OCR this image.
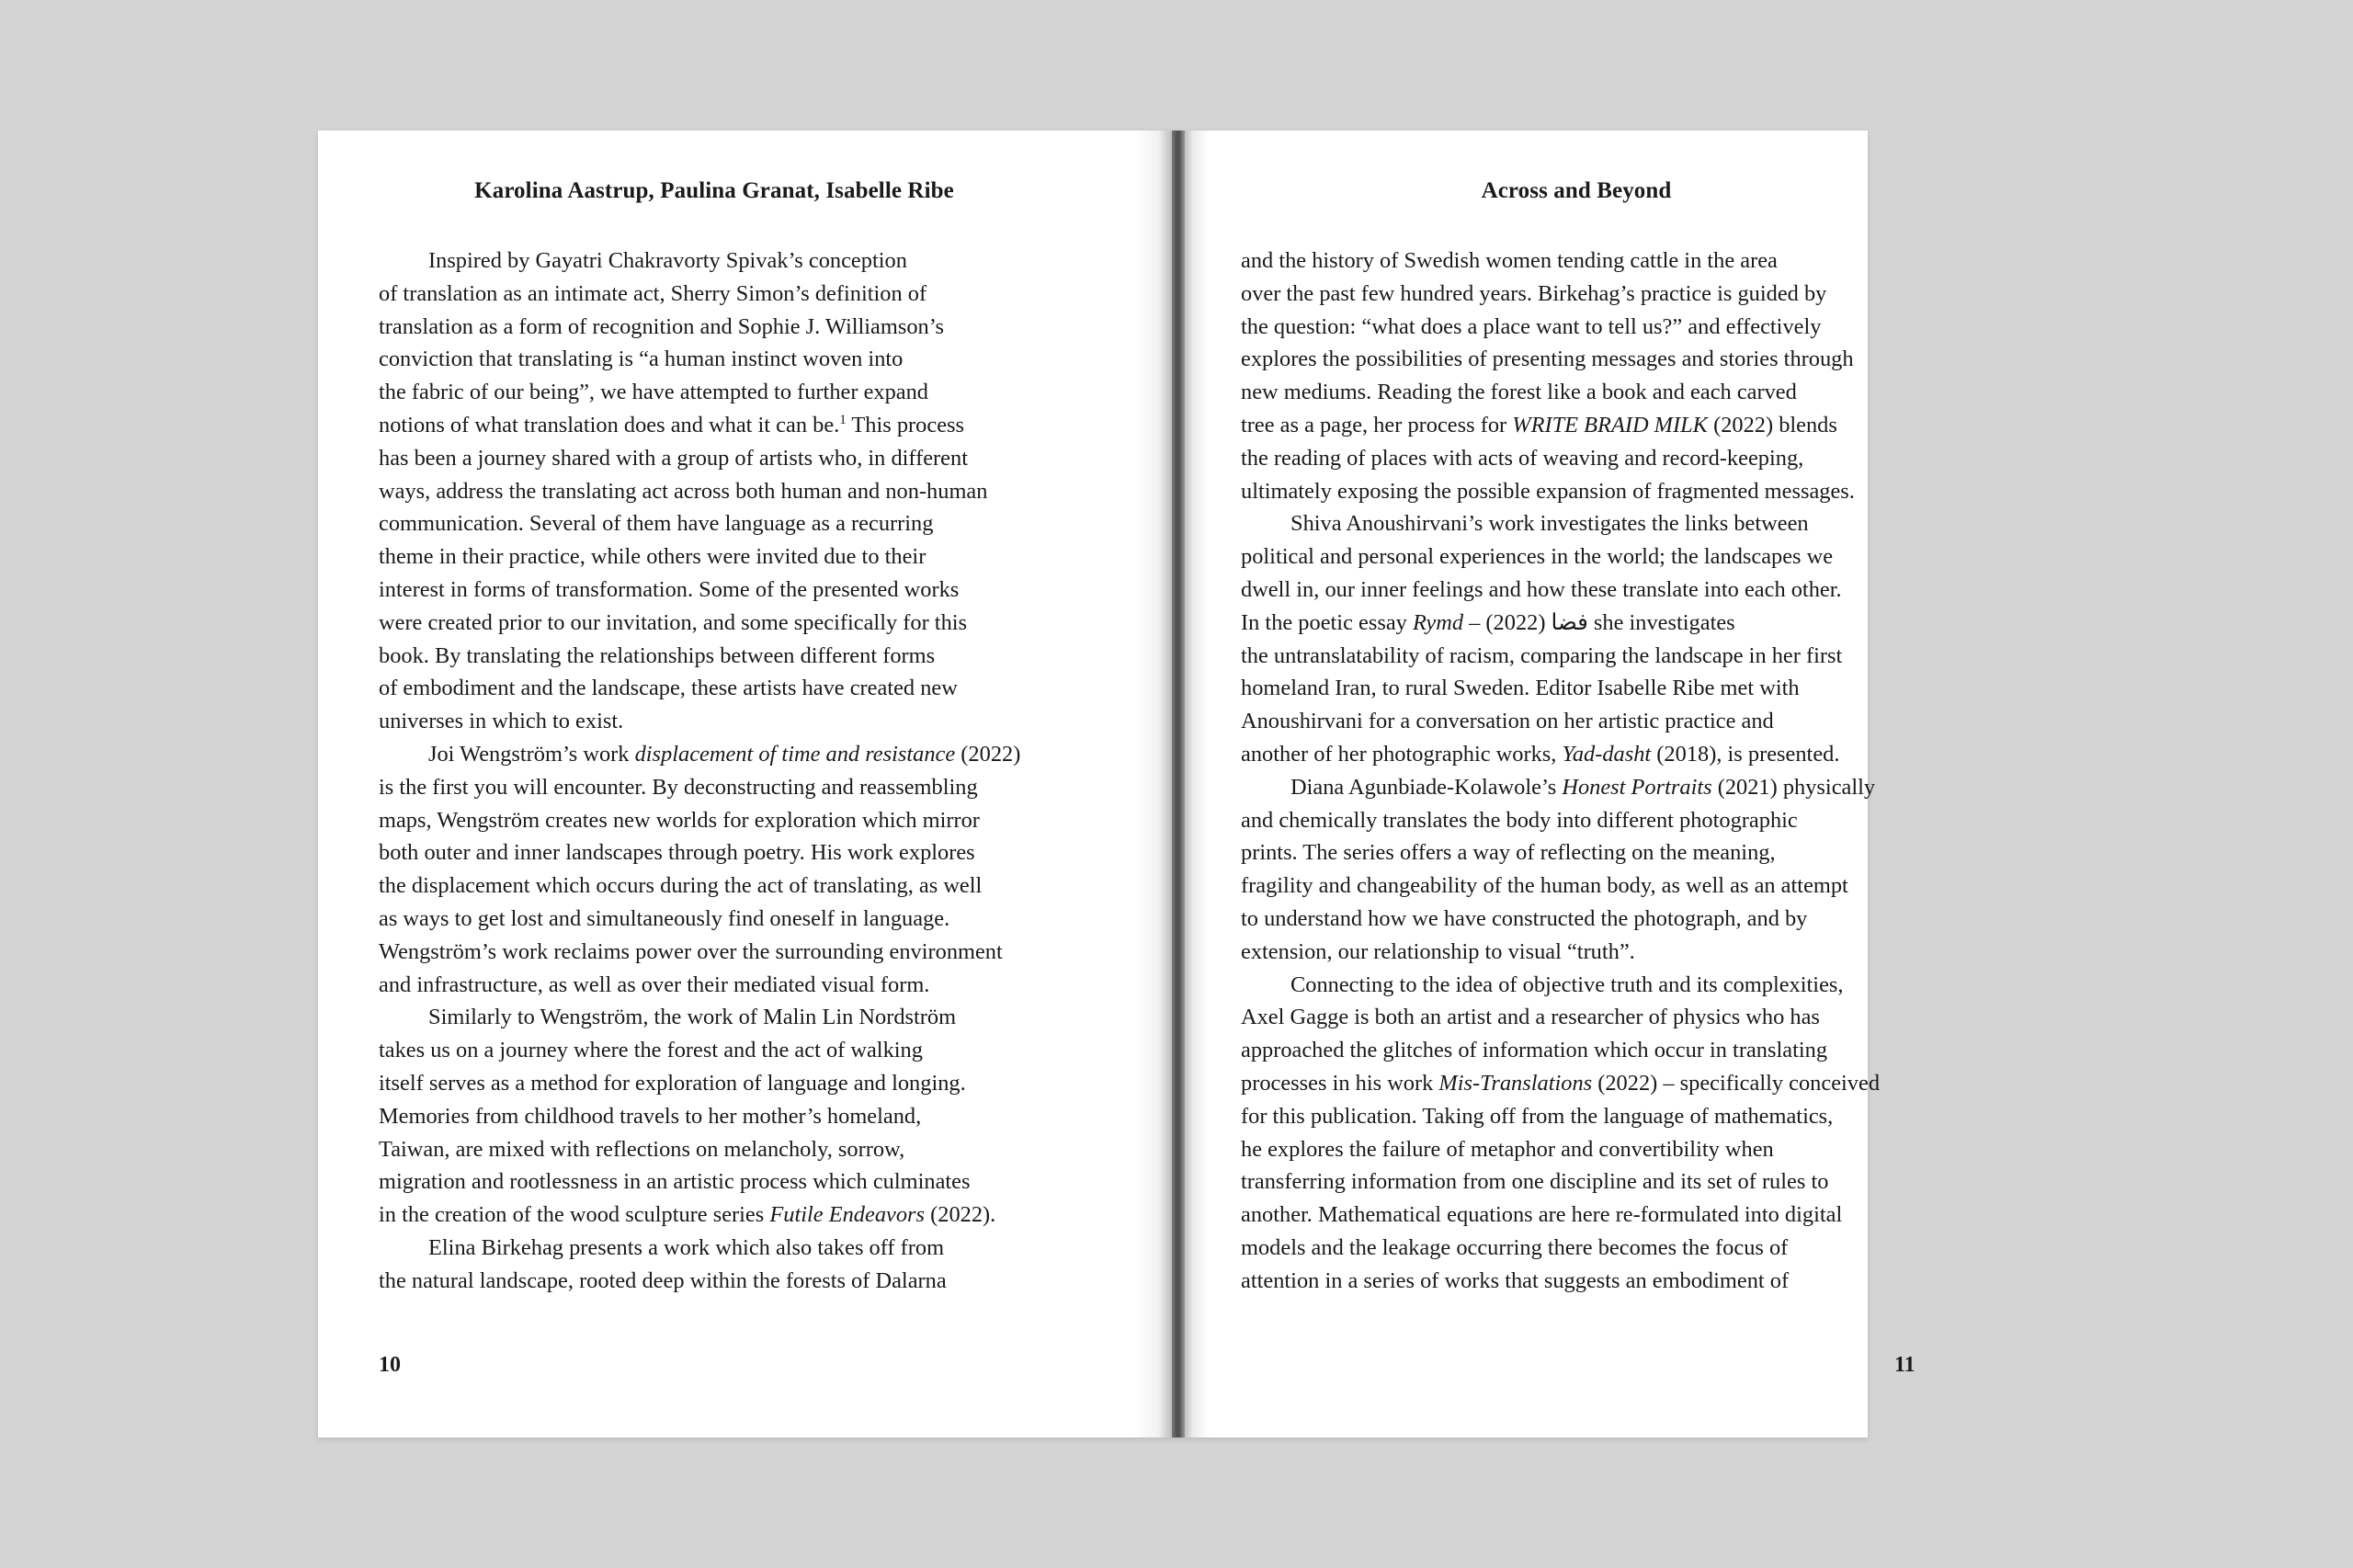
Karolina Aastrup, Paulina Granat, Isabelle Ribe
Inspired by Gayatri Chakravorty Spivak’s conception
of translation as an intimate act, Sherry Simon’s definition of
translation as a form of recognition and Sophie J. Williamson’s
conviction that translating is “a human instinct woven into
the fabric of our being”, we have attempted to further expand
notions of what translation does and what it can be.$^1$ This process
has been a journey shared with a group of artists who, in different
ways, address the translating act across both human and non-human
communication. Several of them have language as a recurring
theme in their practice, while others were invited due to their
interest in forms of transformation. Some of the presented works
were created prior to our invitation, and some specifically for this
book. By translating the relationships between different forms
of embodiment and the landscape, these artists have created new
universes in which to exist.
Joi Wengström’s work displacement of time and resistance (2022)
is the first you will encounter. By deconstructing and reassembling
maps, Wengström creates new worlds for exploration which mirror
both outer and inner landscapes through poetry. His work explores
the displacement which occurs during the act of translating, as well
as ways to get lost and simultaneously find oneself in language.
Wengström’s work reclaims power over the surrounding environment
and infrastructure, as well as over their mediated visual form.
Similarly to Wengström, the work of Malin Lin Nordström
takes us on a journey where the forest and the act of walking
itself serves as a method for exploration of language and longing.
Memories from childhood travels to her mother’s homeland,
Taiwan, are mixed with reflections on melancholy, sorrow,
migration and rootlessness in an artistic process which culminates
in the creation of the wood sculpture series Futile Endeavors (2022).
Elina Birkehag presents a work which also takes off from
the natural landscape, rooted deep within the forests of Dalarna
10
Across and Beyond
and the history of Swedish women tending cattle in the area
over the past few hundred years. Birkehag’s practice is guided by
the question: “what does a place want to tell us?” and effectively
explores the possibilities of presenting messages and stories through
new mediums. Reading the forest like a book and each carved
tree as a page, her process for WRITE BRAID MILK (2022) blends
the reading of places with acts of weaving and record-keeping,
ultimately exposing the possible expansion of fragmented messages.
Shiva Anoushirvani’s work investigates the links between
political and personal experiences in the world; the landscapes we
dwell in, our inner feelings and how these translate into each other.
In the poetic essay Rymd – فضا (2022) she investigates
the untranslatability of racism, comparing the landscape in her first
homeland Iran, to rural Sweden. Editor Isabelle Ribe met with
Anoushirvani for a conversation on her artistic practice and
another of her photographic works, Yad-dasht (2018), is presented.
Diana Agunbiade-Kolawole’s Honest Portraits (2021) physically
and chemically translates the body into different photographic
prints. The series offers a way of reflecting on the meaning,
fragility and changeability of the human body, as well as an attempt
to understand how we have constructed the photograph, and by
extension, our relationship to visual “truth”.
Connecting to the idea of objective truth and its complexities,
Axel Gagge is both an artist and a researcher of physics who has
approached the glitches of information which occur in translating
processes in his work Mis-Translations (2022) – specifically conceived
for this publication. Taking off from the language of mathematics,
he explores the failure of metaphor and convertibility when
transferring information from one discipline and its set of rules to
another. Mathematical equations are here re-formulated into digital
models and the leakage occurring there becomes the focus of
attention in a series of works that suggests an embodiment of
11
